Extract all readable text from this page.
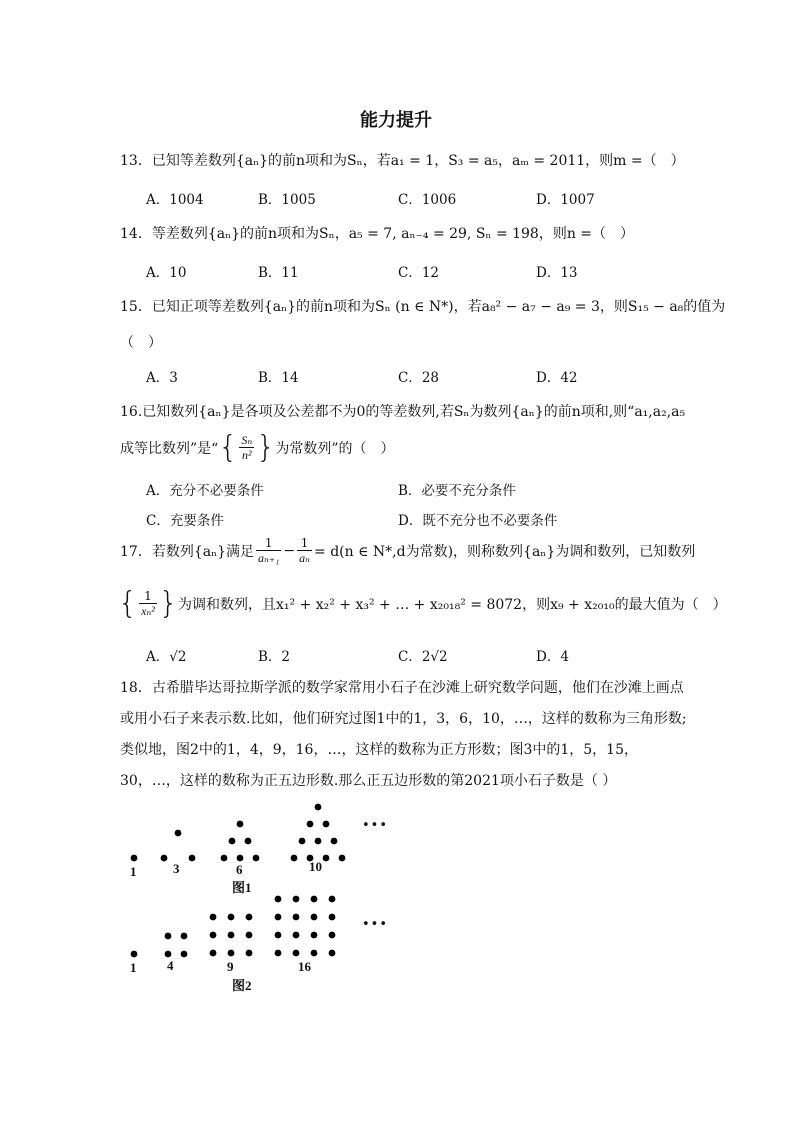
能力提升
13．已知等差数列{aₙ}的前n项和为Sₙ，若a₁ = 1，S₃ = a₅，aₘ = 2011，则m =（　）
A．1004	B．1005	C．1006	D．1007
14．等差数列{aₙ}的前n项和为Sₙ，a₅ = 7, aₙ₋₄ = 29, Sₙ = 198，则n =（　）
A．10	B．11	C．12	D．13
15．已知正项等差数列{aₙ}的前n项和为Sₙ (n ∈ N*)，若a₈² − a₇ − a₉ = 3，则S₁₅ − a₈的值为
（　）
A．3	B．14	C．28	D．42
16.已知数列{aₙ}是各项及公差都不为0的等差数列,若Sₙ为数列{aₙ}的前n项和,则“a₁,a₂,a₅
成等比数列”是“ { $\frac{\text{Sₙ}}{\text{n²}}$ } 为常数列”的（　）
A．充分不必要条件	B．必要不充分条件
C．充要条件	D．既不充分也不必要条件
17．若数列{aₙ}满足 $\frac{1}{\text{aₙ₊₁}} - \frac{1}{\text{aₙ}} = d(n$ ∈ N*,d为常数)，则称数列{aₙ}为调和数列，已知数列
{ $\frac{1}{\text{xₙ²}}$ } 为调和数列，且x₁² + x₂² + x₃² + … + x₂₀₁₈² = 8072，则x₉ + x₂₀₁₀的最大值为（　）
A．√2	B．2	C．2√2	D．4
18．古希腊毕达哥拉斯学派的数学家常用小石子在沙滩上研究数学问题，他们在沙滩上画点
或用小石子来表示数.比如，他们研究过图1中的1，3，6，10，…，这样的数称为三角形数;
类似地，图2中的1，4，9，16，…，这样的数称为正方形数；图3中的1，5，15，
30，…，这样的数称为正五边形数.那么正五边形数的第2021项小石子数是（ ）
1	3	6	10
图1
•••
1 4	9	16
图2
•••
